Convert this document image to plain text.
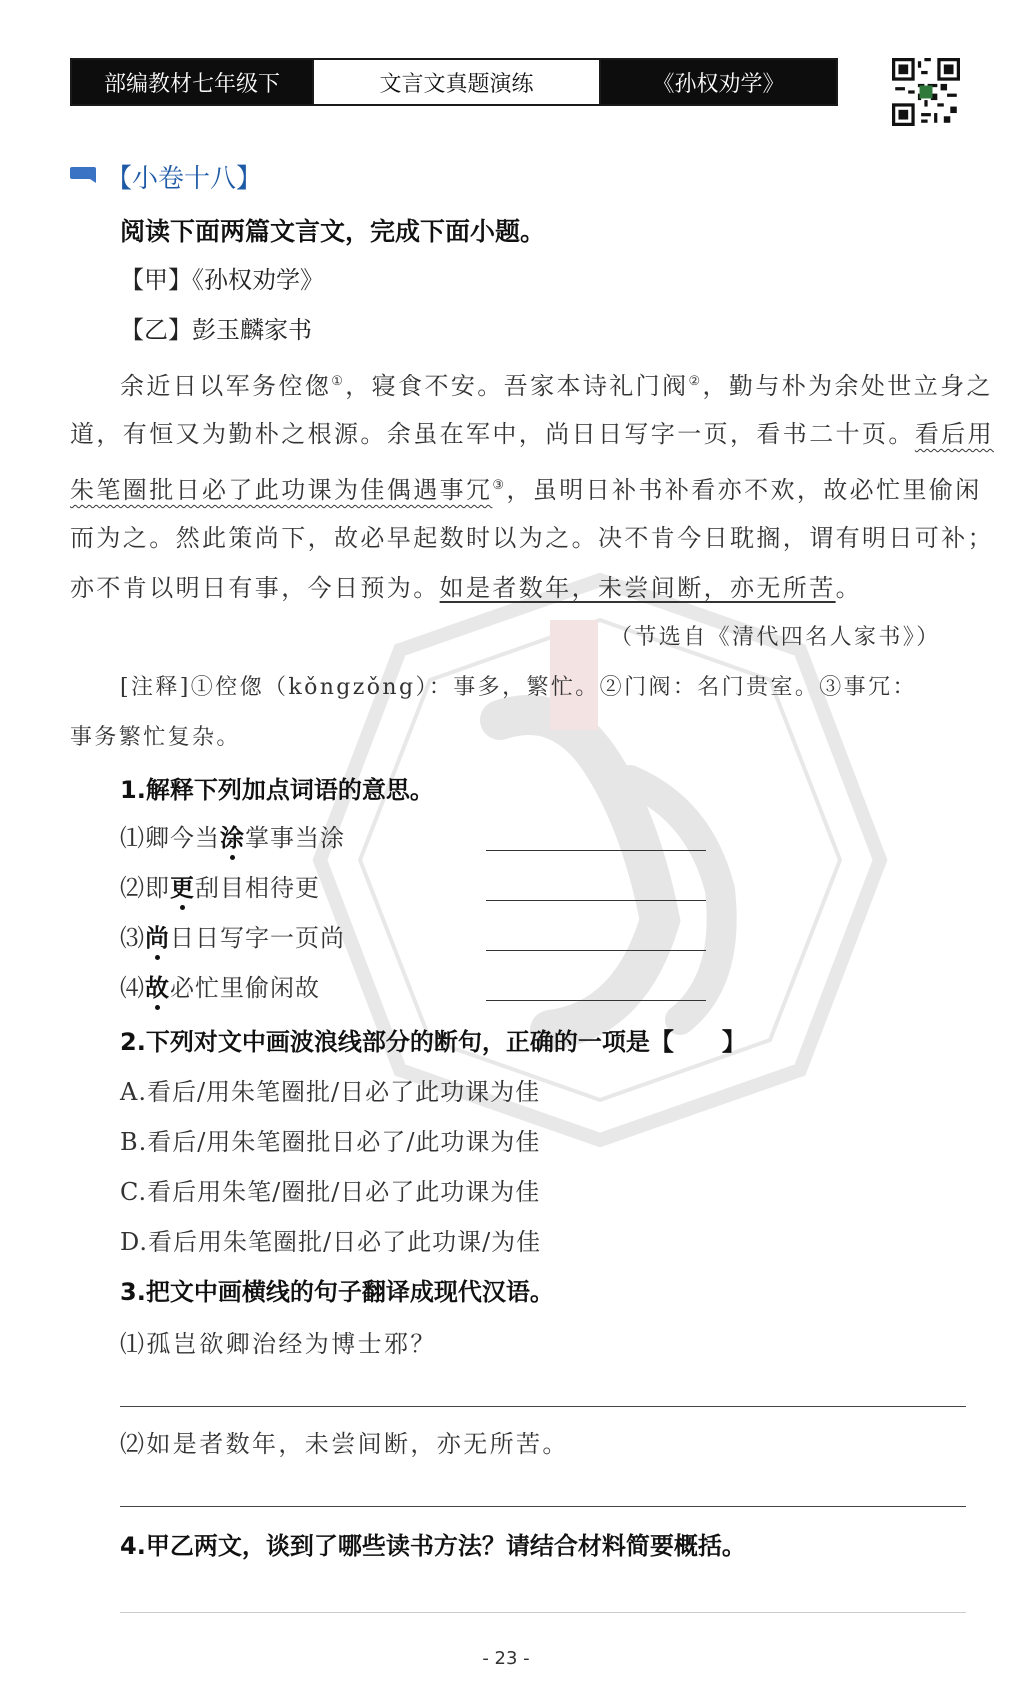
部编教材七年级下	文言文真题演练	《孙权劝学》
【小卷十八】
阅读下面两篇文言文，完成下面小题。
【甲】《孙权劝学》
【乙】彭玉麟家书
余近日以军务倥偬①，寝食不安。吾家本诗礼门阀②，勤与朴为余处世立身之
道，有恒又为勤朴之根源。余虽在军中，尚日日写字一页，看书二十页。看后用
朱笔圈批日必了此功课为佳偶遇事冗③，虽明日补书补看亦不欢，故必忙里偷闲
而为之。然此策尚下，故必早起数时以为之。决不肯今日耽搁，谓有明日可补；
亦不肯以明日有事，今日预为。如是者数年，未尝间断，亦无所苦。
（节选自《清代四名人家书》）
[注释]①倥偬（kǒngzǒng）：事多，繁忙。②门阀：名门贵室。③事冗：
事务繁忙复杂。
1.解释下列加点词语的意思。
⑴卿今当涂掌事当涂
⑵即更刮目相待更
⑶尚日日写字一页尚
⑷故必忙里偷闲故
2.下列对文中画波浪线部分的断句，正确的一项是【　　】
A.看后/用朱笔圈批/日必了此功课为佳
B.看后/用朱笔圈批日必了/此功课为佳
C.看后用朱笔/圈批/日必了此功课为佳
D.看后用朱笔圈批/日必了此功课/为佳
3.把文中画横线的句子翻译成现代汉语。
⑴孤岂欲卿治经为博士邪？
⑵如是者数年，未尝间断，亦无所苦。
4.甲乙两文，谈到了哪些读书方法？请结合材料简要概括。
- 23 -
